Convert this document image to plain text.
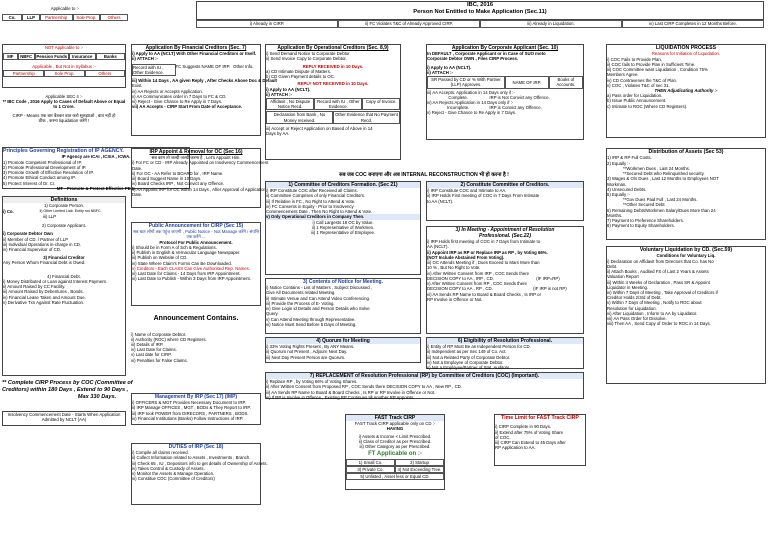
IBC, 2016
Person Not Entitled to Make Application (Sec.11)
i) Already in CIRP.	ii) FC Violates T&C of Already Approved CIRP.	iii) Already in Liquidation.	iv) Last CIRP Completes in 12 Months Before.
Applicable to :-
Co.	LLP	Partnership	Sole Prop.	Others
NOT Applicable to :-
MF	NBFC Pension Funds	Insurance	Banks
Applicable , But Not in Syllabus :-
Partnership	Sole Prop.	Others
Applicable SEC 4 :-
** IBC Code , 2016 Apply to Cases of Default Above or Equal
to 1 Crore.
CIRP - Means एक बार बैठकर बात करो सुलझाओ , बात नहीं हो
ठीक , करना liquidation करेंगे !
Principles Governing Registration of IP AGENCY.
IP Agency are ICAI , ICSIA , ICWA.
1) Promote Competent Professional of IP.
2) Promote Professional Development of IP.
3) Promote Growth of Effective Resolution of IP.
4) Promote Ethical Conduct among IP.
5) Protect Interest of Dr. Cr.
MT - Promote & Protect Effective PEG.
Definitions
1) Corporate Person.
i) Co.	ii) Other Limited Liab. Entity not NBFC.
iii) LLP
2) Corporate Applicant.
i) Corporate Debtor Own
ii) Member of CD. / Partner of LLP
iii) Individual Operations in-charge in CD.
iv) Financial Supervisor of CD.
3) Financial Creditor
Any Person Whom Financial Debt is Owed.
4) Financial Debt.
i) Money Distributed or Loan against Interest Payment.
ii) Amount Raised by CC Facility.
iii) Amount Raised by Debentures , Bonds.
iv) Financial Lease Taken and Amount Due.
v) Derivative Txn Against Rate Fluctuation.
** Complete CIRP Process by COC (Committee of
Creditors) within 180 Days , Extend to 90 Days ,
Max 330 Days.
Insolvency Commencement Date - Starts When Application
Admitted by NCLT (AA)
Application By Financial Creditors (Sec. 7)
i) Apply to AA (NCLT) With Other Financial Creditors or Itself.
ii) ATTACH :-
Record with IU , Other Evidence.
FC Suggests NAME OF IRP. Other Info.
iii) Within 14 Days , AA given Reply , After Checks Above Doc & Default
Exist.
iv) AA Rejects or Accepts Application.
v) AA Communicates order in 7 Days to FC & CD.
vi) Reject - Give Chance to Re Apply in 7 Days.
vii) AA Accepts - CIRP Start From Date of Acceptance.
IRP Appoint & Removal for OC (Sec 16)
सब काम तो जल्दी-जल्दी करना है , Let's Appoint Him.
i) For FC or CD - IRP Already Appointed on Insolvency Commencement
Date.
ii) For OC - AA Refer to BOARD for , IRP Name.
iii) Board Suggest Name in 10 Days.
iv) Board Checks IRP , Not Convict any Offence.
v) AA Appoint IRP for OC within 14 Days , After Approval of Application
Date.
Public Announcement for CIRP (Sec 15)
सब बात लोगों तक पहुंच जाएगी , Public Notice - Not Manage करेंगे / संपत्ति
एक करेंगे ...
Protocol For Public Announcement.
i) Should be in Form A of Sch & Regulations.
ii) Publish in English & Vernacular Language Newspaper.
iii) Publish on Website of CD.
iv) State Where Claim's Forms Can Be Downloaded.
v) Creditors - Each CLASS Can Give Authorised Rep. Names.
vi) Last Date for Claims - 14 Days from IRP Appointment.
vi) Last Date to Publish - Within 3 Days from IRP Appointment.
Announcement Contains.
i) Name of Corporate Debtor.
ii) Authority (ROC) where CD Registers.
iii) Details of IRP.
iv) Last Date for Claims.
v) Last date for CIRP.
vi) Penalties for False Claims.
Management By IRP (Sec 17) (IMP)
i) OFFICERS & MGT Provides Necessary Document to IRP.
ii) IRP Manage OFFICES , MGT , BODs & They Report to IRP.
iii) IRP took POWER from DIRECORS , PARTNERS , BODS.
iv) Financial Institutions (Banks) Follow Instructions of IRP.
DUTIES of IRP (Sec 18)
i) Compile all claims received.
ii) Collect Information related to Assets , Investments , Branch.
iii) Check 65 , IU , Depositors info to get details of Ownership of Assets.
iv) Takes Control & Custody of Assets.
v) Monitor the Assets & Manage Operation.
vi) Constitue COC (Committee of Creditors)
Application By Operational Creditors (Sec. 8,9)
i) Send Demand Notice to Corporate Debtor.
ii) Send Invoice Copy to Corporate Debtor.
REPLY RECEIVED in 10 Days.
a) CD Intimate Dispute of Matters.
b) CD Given Payment details to OC.
REPLY NOT RECEIVED in 10 Days.
i) Apply to AA (NCLT).
ii) ATTACH :-
Affidavit , No Dispute Notice Recd.
Record with IU , Other Evidence.
Copy of Invoice.
Declaration from Bank , No Money received.
Other Evidence that No Payment Recd.
iii) Accept or Reject Application on Based of Above in 14
Days by AA.
Application By Corporate Applicant (Sec. 10)
In DEFAULT , Corporate Applicant or in Case of SUO moto
Corporate Debtor OWN , Files CIRP Process.
i) Apply to AA (NCLT).
ii) ATTACH :-
SR Passed by CD or % With Partner (LLP) Approves.	NAME OF IRP.
Books of Accounts.
iii) AA Accepts. Application in 14 Days only if :-
Complete.	IRP is Not Convict any Offence.
iv) AA Rejects Application in 14 Days only if :-
Incomplete.	IRP is Convict any Offence.
v) Reject - Give Chance to Re Apply in 7 Days.
सब जब COC बनाएगा और अब INTERNAL RECONSTRUCTION भी हो करना है !
1) Committee of Creditors Formation. (Sec 21)
i) IRP Constitute COC after Received all Claims.
ii) Committee Comprises of only Financial Creditors.
iii) If Relative is FC , No Right to Attend & Vote.
iv) FC Consents in Equity - Prior to Insolvency
Commencement Date , Then No Right to Attend & Vote.
v) Only Operational Creditors in Company Then.
i) Call Largests 18 OC by Value.
ii) 1 Representative of Workmen.
iii) 1 Representative of Employee.
2) Constitute Committee of Creditors.
i) IRP Constitute COC and Intimate to AA.
ii) IRP Holds First meeting of COC in 7 Days From Intimate
to AA (NCLT).
3) In Meeting - Appointment of Resolution
Professional. (Sec.22)
i) IRP Holds first meeting of COC in 7 Days from Intimate to
AA (NCLT).
ii) Appoint IRP as RP or Replace IRP as RP , by Voting 66%.
(NOT Include Abstained From Voting).
iii) OC Attends Meeting if , Dues Exceed to Mars More than
10 % , But No Right to Vote.
iv) After Written Consent from IRP , COC Sends there
DECISION COPY to AA , IRP , CD.	(IF IRP=RP)
v) After Written Consent from RP , COC Sends there
DECISION COPY to AA , RP , CD.	(IF IRP is not RP)
vi) AA Sends RP Name to Board & Board Checks , Is IRP or
RP Involve in Offence or Not.
3) Contents of Notice for Meeting.
i) Notice Contains - List of Matters , Subject Discussed ,
Give All Documents related Meeting.
ii) Intimate Venue and Can Attend Video Conferencing.
iii) Provide the Process of E- Voting.
iv) Give Login id Details and Person Details who Solve
Query.
v) Can Attend Meeting through Representative.
vi) Notice Must Send Before 5 Days of Meeting.
4) Quorum for Meeting
i) 33% Voting Rights Present , By ANY Means.
ii) Quorum not Present , Adjourn Next Day.
iii) Next Day Present Person are Quorum.
6) Eligibility of Resolution Professional.
i) Entity of RP Must Be an Independent Person for CD.
ii) Independent as per Sec 149 of Co. Act.
iii) Not a Related Party of Corporate Debtor.
iv) Not a Employee of Corporate Debtor.
v) Not a Employee/Partner of Stat. Auditors.
7) REPLACEMENT of Resolution Professional (RP) by Committee of Creditors (COC) (Important).
i) Replace RP , by Voting 66% of Voting Shares.
ii) After Written Consent from Proposed RP , COC Sends there DECISION COPY to AA , New RP , CD.
iii) AA Sends RP Name to Board & Board Checks , Is RP or RP Involve in Offence or Not.
iv) If RP is Involve in Offence , Existing RP Continues till Another RP Appoints.
FAST Track CIRP
FAST Track CIRP applicable only on CD :-
HAVING
i) Assets & Income < Limit Prescribed.
ii) Class of Creditor as per Prescribed.
iii) Other Category as per Prescribed.
FT Applicable on :-
1) Small Co.	2) Startup
3) Private Co.	4) Not Exceeding Tree.
5) Unlisted , Asset less or Equal CD.
Time Limit for FAST Track CIRP
i) CIRP Complete in 90 Days.
ii) Extend after 75% of Voting Share
of COC.
iii) CIRP Can Extend to 45 Days after
RP Application to AA.
LIQUIDATION PROCESS
Reasons for Initiation of Liquidation.
i) COC Fails to Provide Plan.
ii) COC fails to Provide Plan in Sufficient Time.
iii) COC Committee want Liquidation , Condition 75%
Members Agree.
iv) CD Contravenes the T&C of Plan.
v) COC , Violates T&C of sec 31.
THEN Adjudicating Authority :-
a) Pass order for Liquidation.
b) Issue Public Announcement.
c) Intimate to ROC (Where CD Registers).
Distribution of Assets (Sec 53)
1) IRP & RP Full Costs.
2) Equally :-
**Workmen Dues , Last 24 Months.
**Secured Debt who Relinquished security.
3) Wages & O/s Dues , Last 12 Months to Employees NOT
Workman.
4) Unsecured Debts.
5) Equally :-
**Gov Dues Paid Full , Last 24 Months.
**Other Secured Debt
6) Remaining Debts/Workmen Salary/Dues More than 24
Months.
7) Payment to Preference Shareholders.
8) Payment to Equity Shareholders.
Voluntary Liquidation by CD. (Sec.59)
Conditions for Voluntary Liq.
i) Declaration on Affidavit from Directors that Co. has No
Debt.
ii) Attach Books , Audited FS of Last 2 Years & Assets
Valuation Report
iii) Within 4 Weeks of Declaration , Pass SR & Appoint
Liquidator in Meeting.
iv) Within 7 Days of Meeting , Take Approval of Creditors if
Creditor Holds 2/3rd of Debt.
v) Within 7 Days of Meeting , Notify to ROC about
Resolution for Liquidation.
vi) After Liquidation , Inform to AA by Liquidator.
vii) AA Pass Order for Dissolve.
viii) Then AA , Send Copy of Order to ROC in 14 Days.
